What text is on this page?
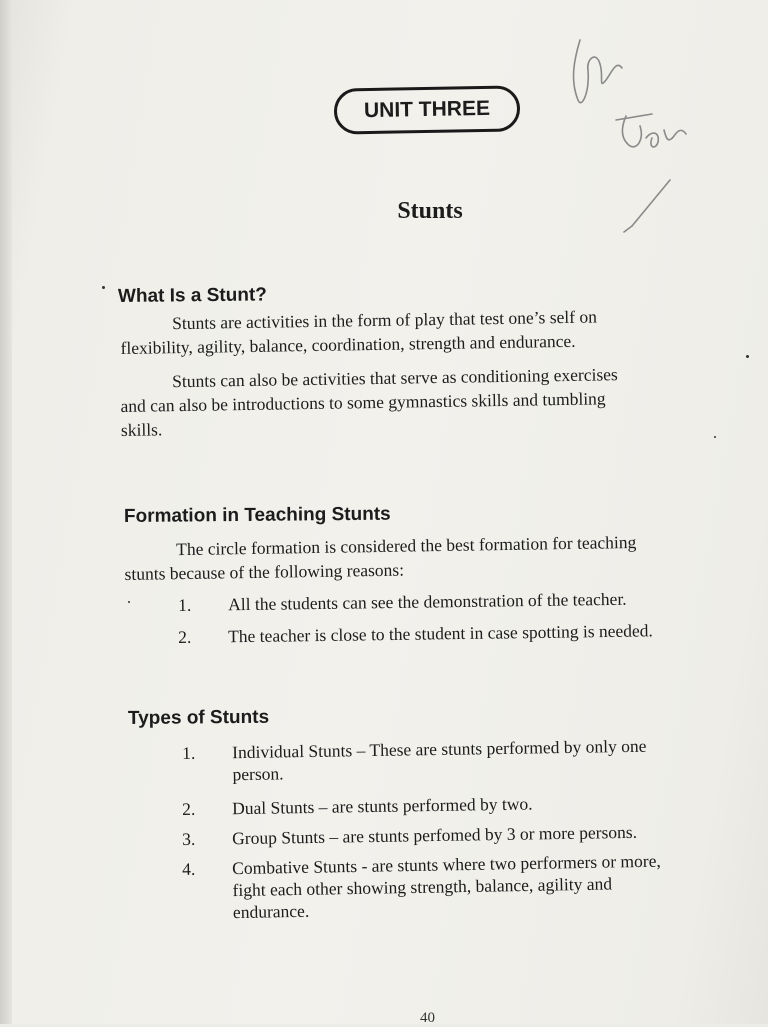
UNIT THREE
Stunts
What Is a Stunt?
Stunts are activities in the form of play that test one’s self on
flexibility, agility, balance, coordination, strength and endurance.
Stunts can also be activities that serve as conditioning exercises
and can also be introductions to some gymnastics skills and tumbling
skills.
Formation in Teaching Stunts
The circle formation is considered the best formation for teaching
stunts because of the following reasons:
1. All the students can see the demonstration of the teacher.
2. The teacher is close to the student in case spotting is needed.
Types of Stunts
1. Individual Stunts – These are stunts performed by only one
person.
2. Dual Stunts – are stunts performed by two.
3. Group Stunts – are stunts perfomed by 3 or more persons.
4. Combative Stunts - are stunts where two performers or more,
fight each other showing strength, balance, agility and
endurance.
40
